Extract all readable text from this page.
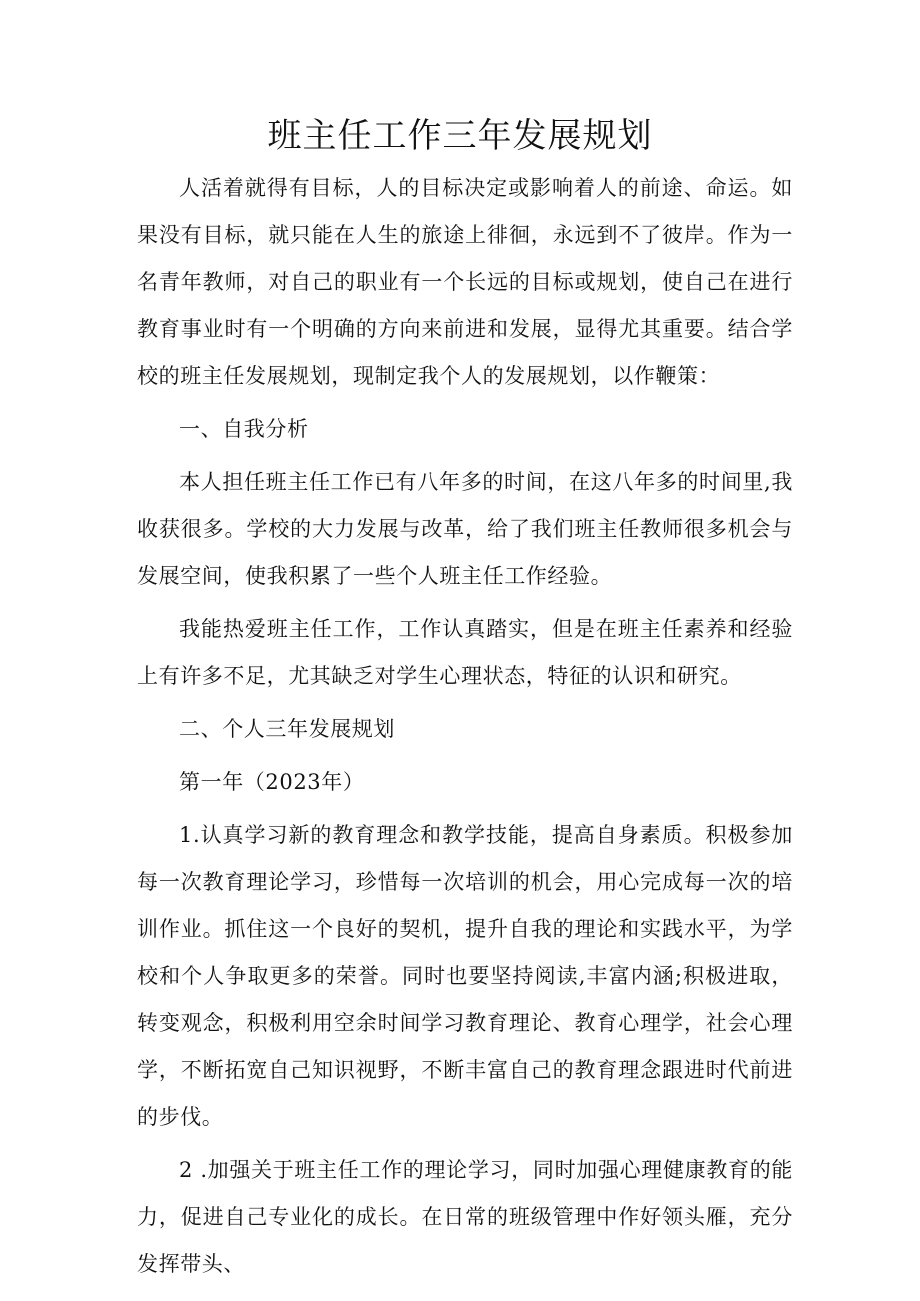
班主任工作三年发展规划

人活着就得有目标，人的目标决定或影响着人的前途、命运。如果没有目标，就只能在人生的旅途上徘徊，永远到不了彼岸。作为一名青年教师，对自己的职业有一个长远的目标或规划，使自己在进行教育事业时有一个明确的方向来前进和发展，显得尤其重要。结合学校的班主任发展规划，现制定我个人的发展规划，以作鞭策：

一、自我分析

本人担任班主任工作已有八年多的时间，在这八年多的时间里,我收获很多。学校的大力发展与改革，给了我们班主任教师很多机会与发展空间，使我积累了一些个人班主任工作经验。

我能热爱班主任工作，工作认真踏实，但是在班主任素养和经验上有许多不足，尤其缺乏对学生心理状态，特征的认识和研究。

二、个人三年发展规划

第一年（2023年）

1.认真学习新的教育理念和教学技能，提高自身素质。积极参加每一次教育理论学习，珍惜每一次培训的机会，用心完成每一次的培训作业。抓住这一个良好的契机，提升自我的理论和实践水平，为学校和个人争取更多的荣誉。同时也要坚持阅读,丰富内涵;积极进取，转变观念，积极利用空余时间学习教育理论、教育心理学，社会心理学，不断拓宽自己知识视野，不断丰富自己的教育理念跟进时代前进的步伐。

2 .加强关于班主任工作的理论学习，同时加强心理健康教育的能力，促进自己专业化的成长。在日常的班级管理中作好领头雁，充分发挥带头、
